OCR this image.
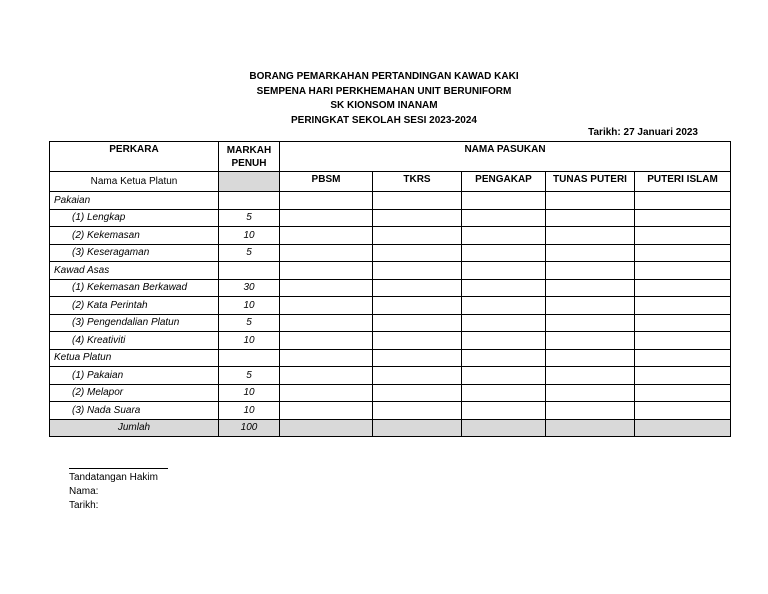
BORANG PEMARKAHAN PERTANDINGAN KAWAD KAKI
SEMPENA HARI PERKHEMAHAN UNIT BERUNIFORM
SK KIONSOM INANAM
PERINGKAT SEKOLAH SESI 2023-2024
Tarikh: 27 Januari 2023
PERKARA	MARKAH PENUH	NAMA PASUKAN				
Nama Ketua Platun		PBSM	TKRS	PENGAKAP	TUNAS PUTERI	PUTERI ISLAM
Pakaian						
(1) Lengkap	5					
(2) Kekemasan	10					
(3) Keseragaman	5					
Kawad Asas						
(1) Kekemasan Berkawad	30					
(2) Kata Perintah	10					
(3) Pengendalian Platun	5					
(4) Kreativiti	10					
Ketua Platun						
(1) Pakaian	5					
(2) Melapor	10					
(3) Nada Suara	10					
Jumlah	100					
Tandatangan Hakim
Nama:
Tarikh:
